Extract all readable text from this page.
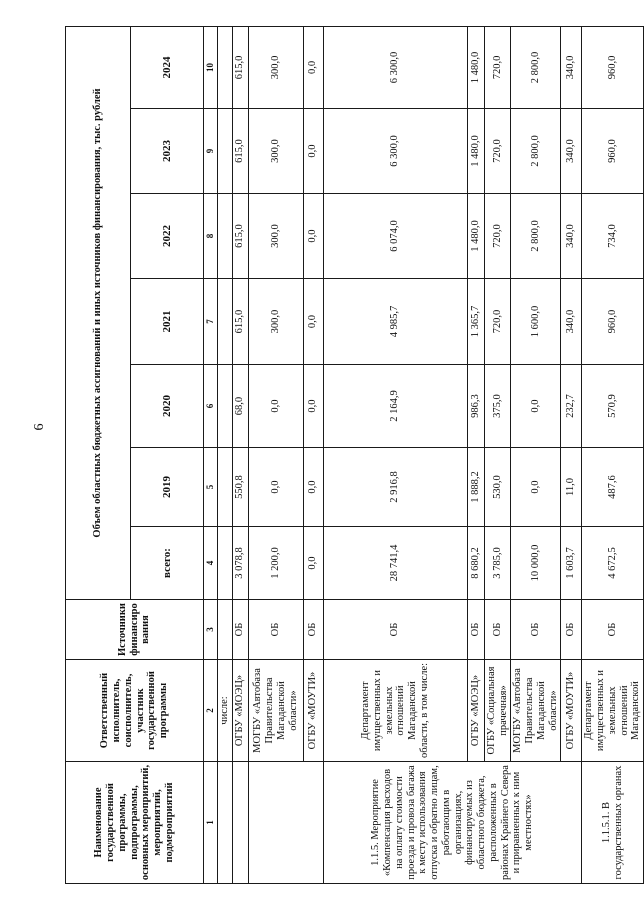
6
Наименование государственной программы, подпрограммы, основных мероприятий, мероприятий, подмероприятий	Ответственный исполнитель, соисполнитель, участник государственной программы	Источники финансиро вания	Объем областных бюджетных ассигнований и иных источников финансирования, тыс. рублей						
			всего:	2019	2020	2021	2022	2023	2024
1	2	3	4	5	6	7	8	9	10
	числе:								
	ОГБУ «МОЭЦ»	ОБ	3 078,8	550,8	68,0	615,0	615,0	615,0	615,0
	МОГБУ «Автобаза Правительства Магаданской области»	ОБ	1 200,0	0,0	0,0	300,0	300,0	300,0	300,0
	ОГБУ «МОУТИ»	ОБ	0,0	0,0	0,0	0,0	0,0	0,0	0,0
1.1.5. Мероприятие «Компенсация расходов на оплату стоимости проезда и провоза багажа к месту использования отпуска и обратно лицам, работающим в организациях, финансируемых из областного бюджета, расположенных в районах Крайнего Севера и приравненных к ним местностях»	Департамент имущественных и земельных отношений Магаданской области, в том числе:	ОБ	28 741,4	2 916,8	2 164,9	4 985,7	6 074,0	6 300,0	6 300,0
	ОГБУ «МОЭЦ»	ОБ	8 680,2	1 888,2	986,3	1 365,7	1 480,0	1 480,0	1 480,0
	ОГБУ «Социальная прачечная»	ОБ	3 785,0	530,0	375,0	720,0	720,0	720,0	720,0
	МОГБУ «Автобаза Правительства Магаданской области»	ОБ	10 000,0	0,0	0,0	1 600,0	2 800,0	2 800,0	2 800,0
	ОГБУ «МОУТИ»	ОБ	1 603,7	11,0	232,7	340,0	340,0	340,0	340,0
1.1.5.1. В государственных органах	Департамент имущественных и земельных отношений Магаданской	ОБ	4 672,5	487,6	570,9	960,0	734,0	960,0	960,0
